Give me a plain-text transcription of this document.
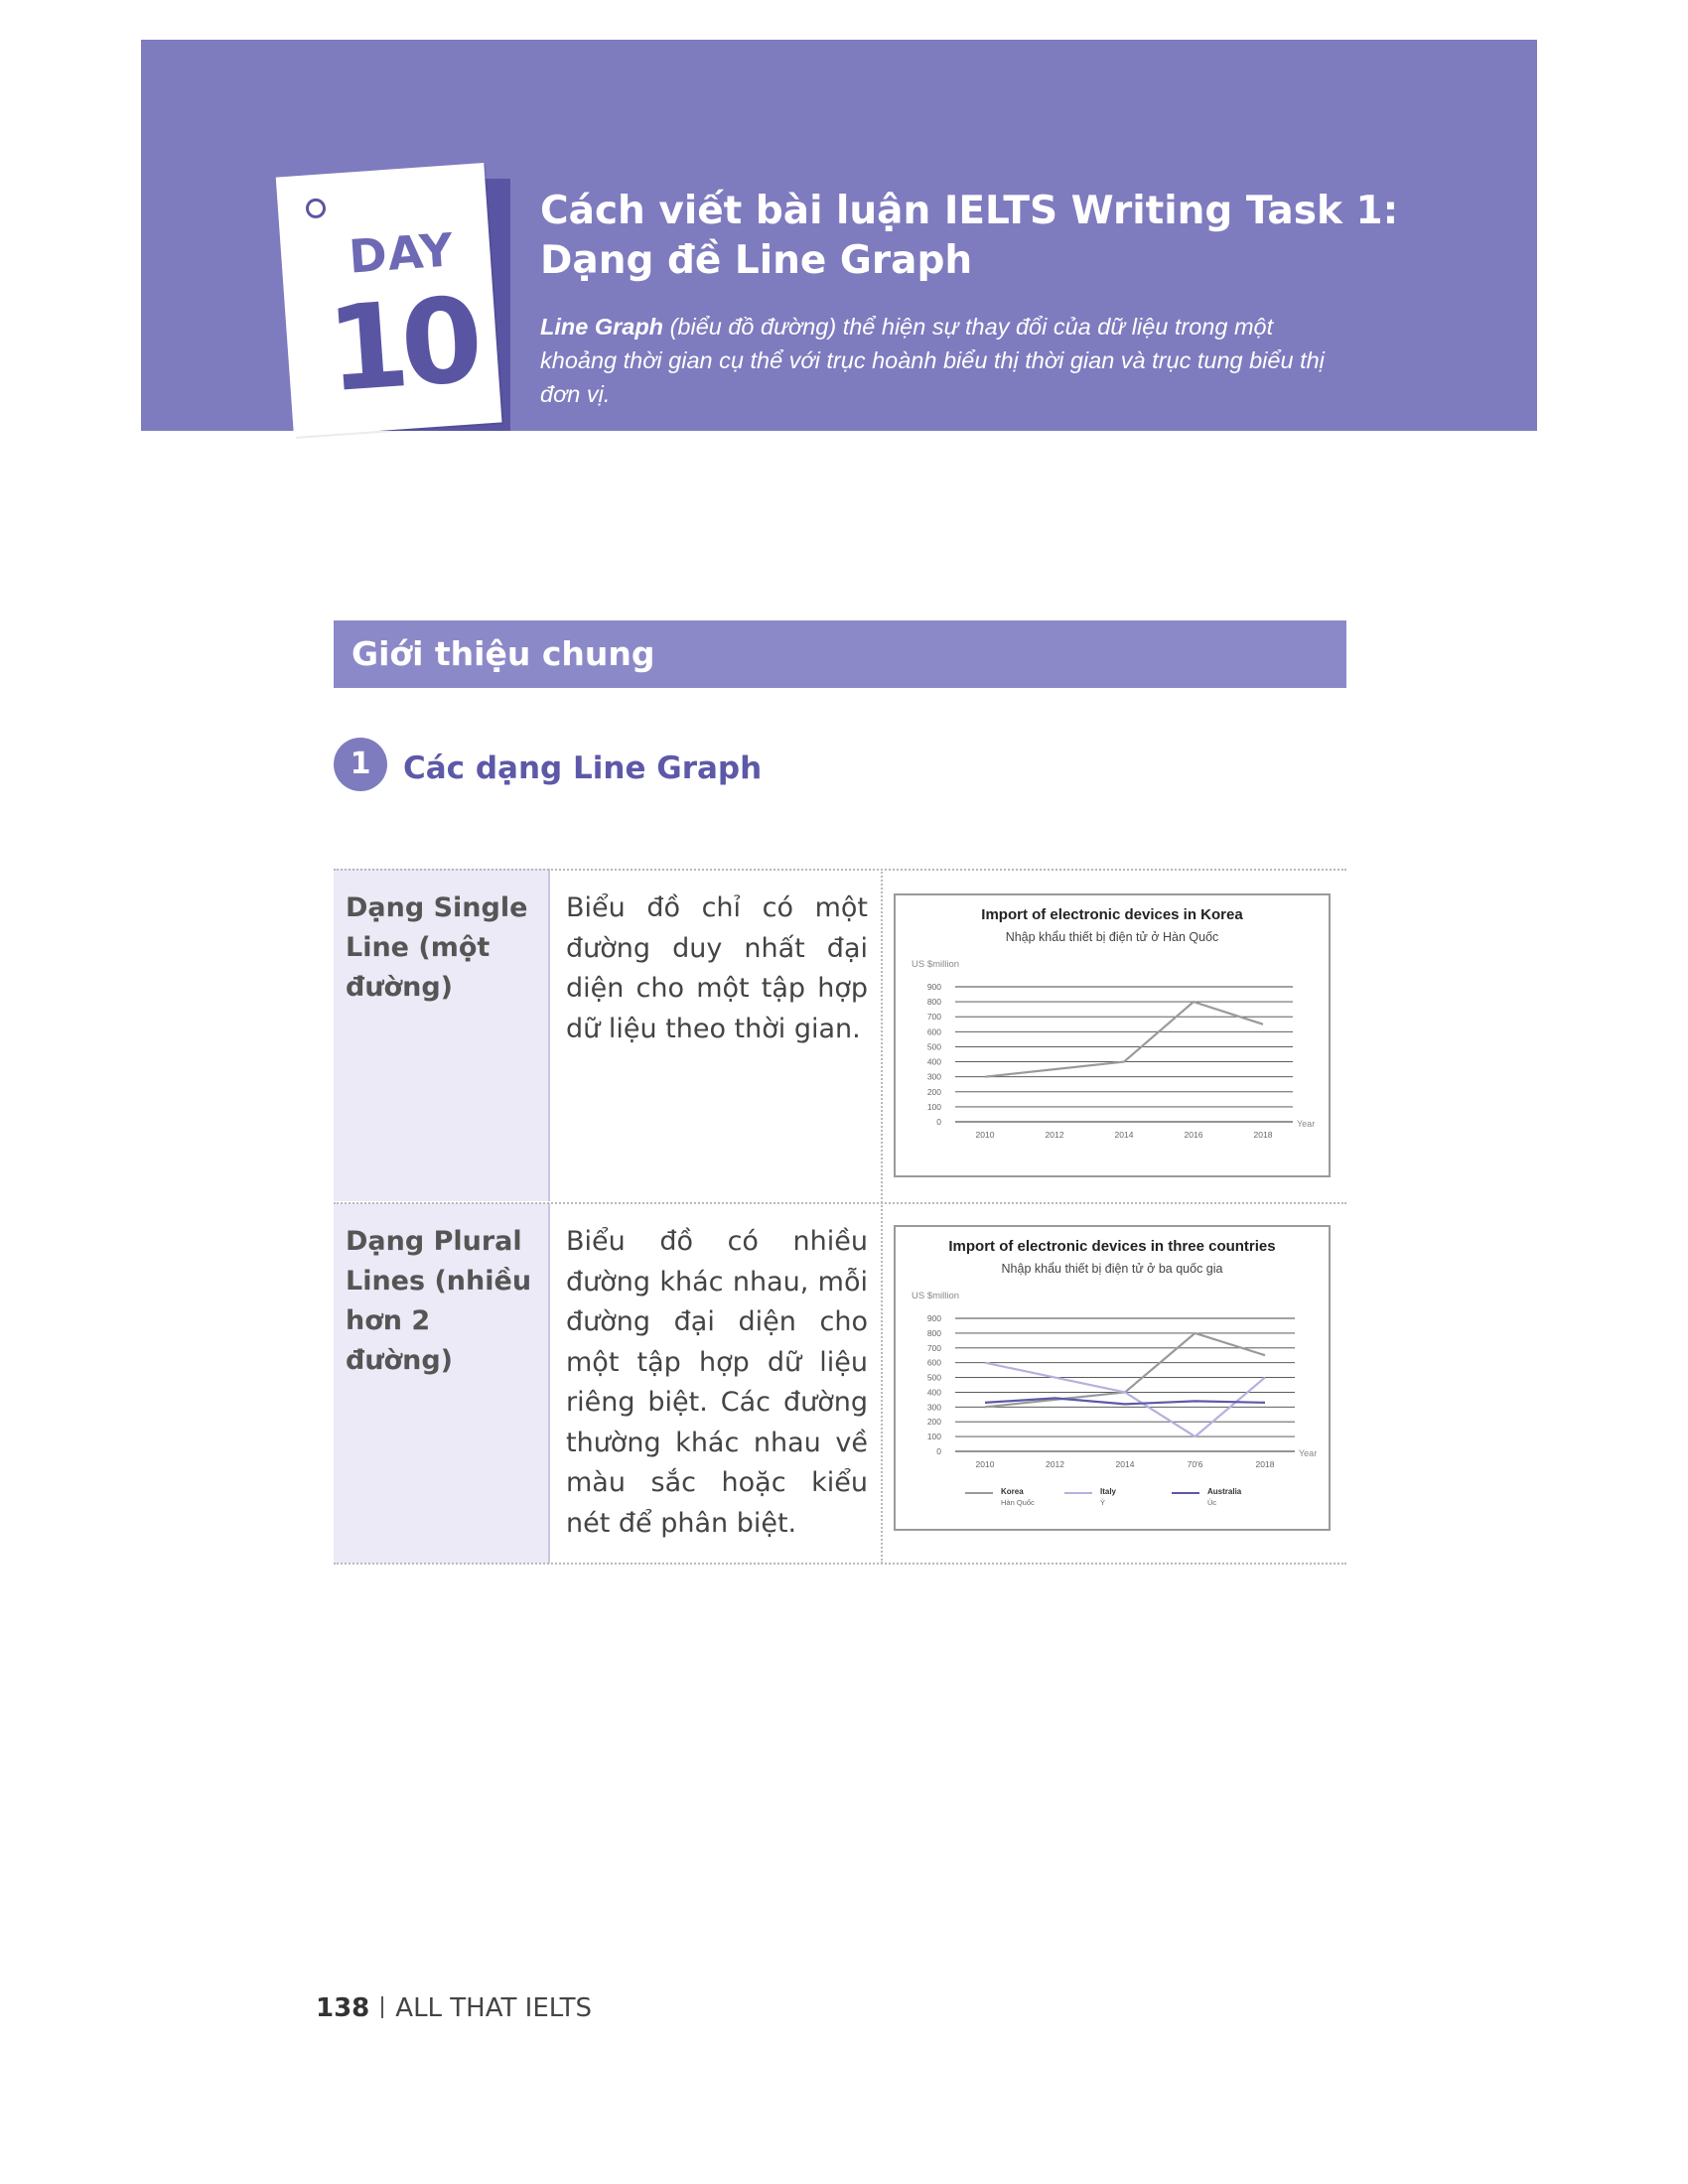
DAY
10
Cách viết bài luận IELTS Writing Task 1:
Dạng đề Line Graph
Line Graph (biểu đồ đường) thể hiện sự thay đổi của dữ liệu trong một khoảng thời gian cụ thể với trục hoành biểu thị thời gian và trục tung biểu thị đơn vị.
Giới thiệu chung
1	Các dạng Line Graph
Dạng Single Line (một đường)
Biểu đồ chỉ có một đường duy nhất đại diện cho một tập hợp dữ liệu theo thời gian.
Dạng Plural Lines (nhiều hơn 2 đường)
Biểu đồ có nhiều đường khác nhau, mỗi đường đại diện cho một tập hợp dữ liệu riêng biệt. Các đường thường khác nhau về màu sắc hoặc kiểu nét để phân biệt.
Import of electronic devices in Korea
Nhập khẩu thiết bị điện tử ở Hàn Quốc
US $million
0
100
200
300
400
500
600
700
800
900
Year
2010	2012	2014	2016	2018
Import of electronic devices in three countries
Nhập khẩu thiết bị điện tử ở ba quốc gia
US $million
0
100
200
300
400
500
600
700
800
900
Year
2010	2012	2014	70'6	2018
Korea
Hàn Quốc
Italy
Ý
Australia
Úc
138 ALL THAT IELTS
